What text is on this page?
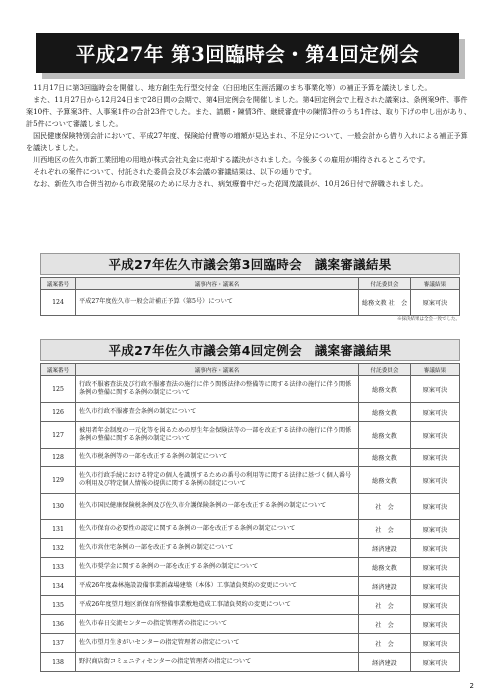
平成27年 第3回臨時会・第4回定例会

11月17日に第3回臨時会を開催し、地方創生先行型交付金（臼田地区生涯活躍のまち事業化等）の補正予算を議決しました。

また、11月27日から12月24日まで28日間の会期で、第4回定例会を開催しました。第4回定例会で上程された議案は、条例案9件、事件案10件、予算案3件、人事案1件の合計23件でした。また、請願・陳情3件、継続審査中の陳情3件のうち1件は、取り下げの申し出があり、計5件について審議しました。

国民健康保険特別会計において、平成27年度、保険給付費等の増額が見込まれ、不足分について、一般会計から借り入れによる補正予算を議決しました。

川西地区の佐久市新工業団地の用地が株式会社丸金に売却する議決がされました。今後多くの雇用が期待されるところです。

それぞれの案件について、付託された委員会及び本会議の審議結果は、以下の通りです。

なお、新佐久市合併当初から市政発展のために尽力され、病気療養中だった花岡茂議員が、10月26日付で辞職されました。

平成27年佐久市議会第3回臨時会　議案審議結果
議案番号	議事内容・議案名	付託委員会	審議結果
124	平成27年度佐久市一般会計補正予算（第5号）について	総務文教 社　会	原案可決
※採決結果は全会一致でした。
平成27年佐久市議会第4回定例会　議案審議結果
議案番号	議事内容・議案名	付託委員会	審議結果
125	行政不服審査法及び行政不服審査法の施行に伴う関係法律の整備等に関する法律の施行に伴う関係条例の整備に関する条例の制定について	総務文教	原案可決
126	佐久市行政不服審査会条例の制定について	総務文教	原案可決
127	被用者年金制度の一元化等を図るための厚生年金保険法等の一部を改正する法律の施行に伴う関係条例の整備に関する条例の制定について	総務文教	原案可決
128	佐久市税条例等の一部を改正する条例の制定について	総務文教	原案可決
129	佐久市行政手続における特定の個人を識別するための番号の利用等に関する法律に基づく個人番号の利用及び特定個人情報の提供に関する条例の制定について	総務文教	原案可決
130	佐久市国民健康保険税条例及び佐久市介護保険条例の一部を改正する条例の制定について	社　会	原案可決
131	佐久市保育の必要性の認定に関する条例の一部を改正する条例の制定について	社　会	原案可決
132	佐久市営住宅条例の一部を改正する条例の制定について	経済建設	原案可決
133	佐久市奨学金に関する条例の一部を改正する条例の制定について	総務文教	原案可決
134	平成26年度森林施設設備事業新森場建築（本体）工事請負契約の変更について	経済建設	原案可決
135	平成26年度望月地区新保育所整備事業敷地造成工事請負契約の変更について	社　会	原案可決
136	佐久市春日交流センターの指定管理者の指定について	社　会	原案可決
137	佐久市望月生きがいセンターの指定管理者の指定について	社　会	原案可決
138	野沢商店街コミュニティセンターの指定管理者の指定について	経済建設	原案可決
2
